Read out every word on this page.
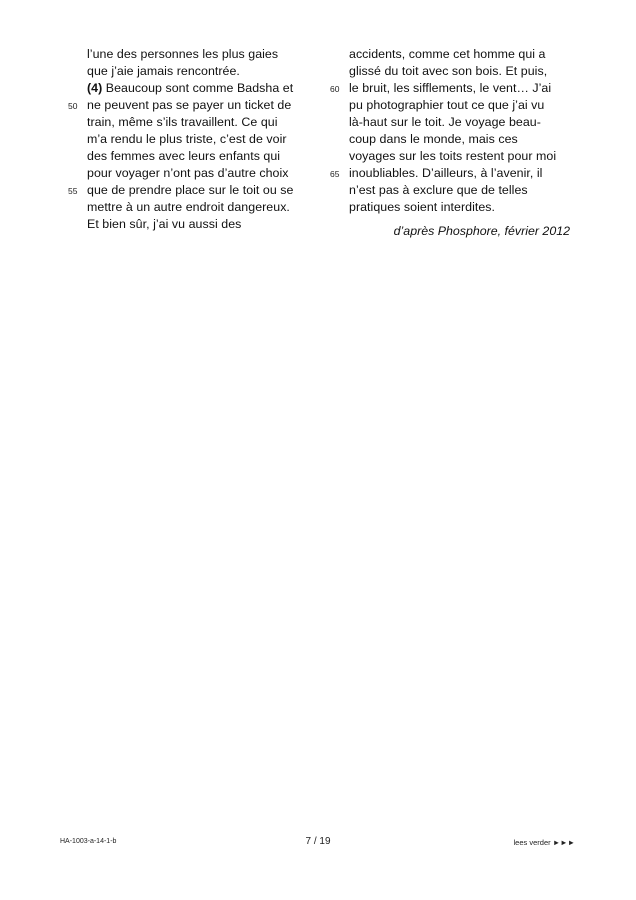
l’une des personnes les plus gaies
que j’aie jamais rencontrée.
(4) Beaucoup sont comme Badsha et
50 ne peuvent pas se payer un ticket de
train, même s’ils travaillent. Ce qui
m’a rendu le plus triste, c’est de voir
des femmes avec leurs enfants qui
pour voyager n’ont pas d’autre choix
55 que de prendre place sur le toit ou se
mettre à un autre endroit dangereux.
Et bien sûr, j’ai vu aussi des
accidents, comme cet homme qui a
glissé du toit avec son bois. Et puis,
60 le bruit, les sifflements, le vent… J’ai
pu photographier tout ce que j’ai vu
là-haut sur le toit. Je voyage beau-
coup dans le monde, mais ces
voyages sur les toits restent pour moi
65 inoubliables. D’ailleurs, à l’avenir, il
n’est pas à exclure que de telles
pratiques soient interdites.
d’après Phosphore, février 2012
HA-1003-a-14-1-b	7 / 19	lees verder ►►►
